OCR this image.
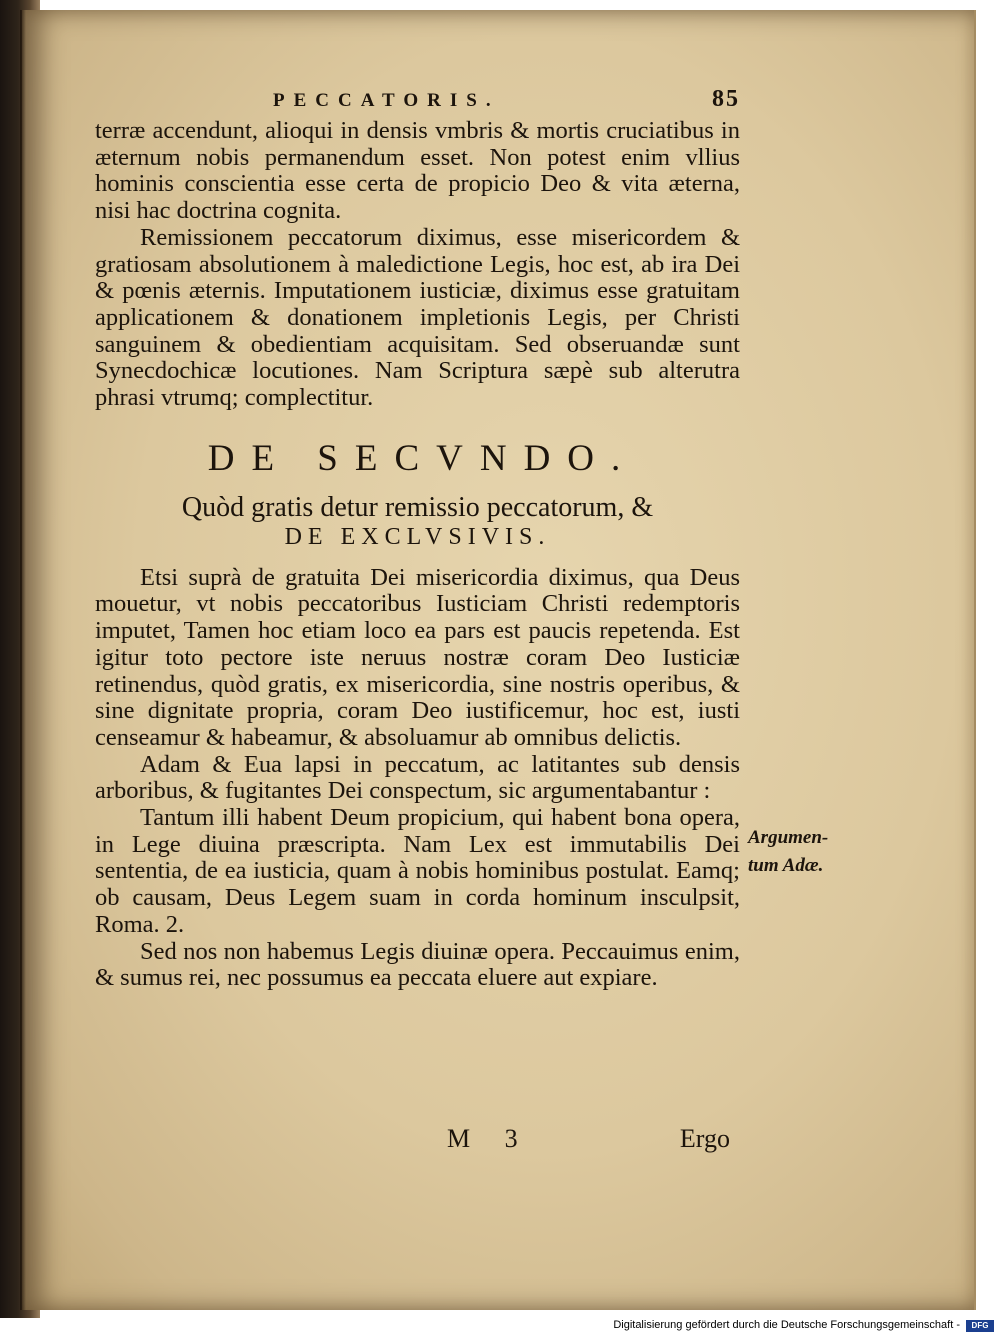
PECCATORIS.	85

terræ accendunt, alioqui in densis vmbris & mortis cruciatibus in æternum nobis permanendum esset. Non potest enim vllius hominis conscientia esse certa de propicio Deo & vita æterna, nisi hac doctrina cognita.

Remissionem peccatorum diximus, esse misericordem & gratiosam absolutionem à maledictione Legis, hoc est, ab ira Dei & pœnis æternis. Imputationem iusticiæ, diximus esse gratuitam applicationem & donationem impletionis Legis, per Christi sanguinem & obedientiam acquisitam. Sed obseruandæ sunt Synecdochicæ locutiones. Nam Scriptura sæpè sub alterutra phrasi vtrumq; complectitur.

DE SECVNDO.
Quòd gratis detur remissio peccatorum, &
DE EXCLVSIVIS.

Etsi suprà de gratuita Dei misericordia diximus, qua Deus mouetur, vt nobis peccatoribus Iusticiam Christi redemptoris imputet, Tamen hoc etiam loco ea pars est paucis repetenda. Est igitur toto pectore iste neruus nostræ coram Deo Iusticiæ retinendus, quòd gratis, ex misericordia, sine nostris operibus, & sine dignitate propria, coram Deo iustificemur, hoc est, iusti censeamur & habeamur, & absoluamur ab omnibus delictis.

Adam & Eua lapsi in peccatum, ac latitantes sub densis arboribus, & fugitantes Dei conspectum, sic argumentabantur :

Tantum illi habent Deum propicium, qui habent bona opera, in Lege diuina præscripta. Nam Lex est immutabilis Dei sententia, de ea iusticia, quam à nobis hominibus postulat. Eamq; ob causam, Deus Legem suam in corda hominum insculpsit, Roma. 2.

Sed nos non habemus Legis diuinæ opera. Peccauimus enim, & sumus rei, nec possumus ea peccata eluere aut expiare.

Argumen-
tum Adæ.
M 3	Ergo
Digitalisierung gefördert durch die Deutsche Forschungsgemeinschaft -	DFG
